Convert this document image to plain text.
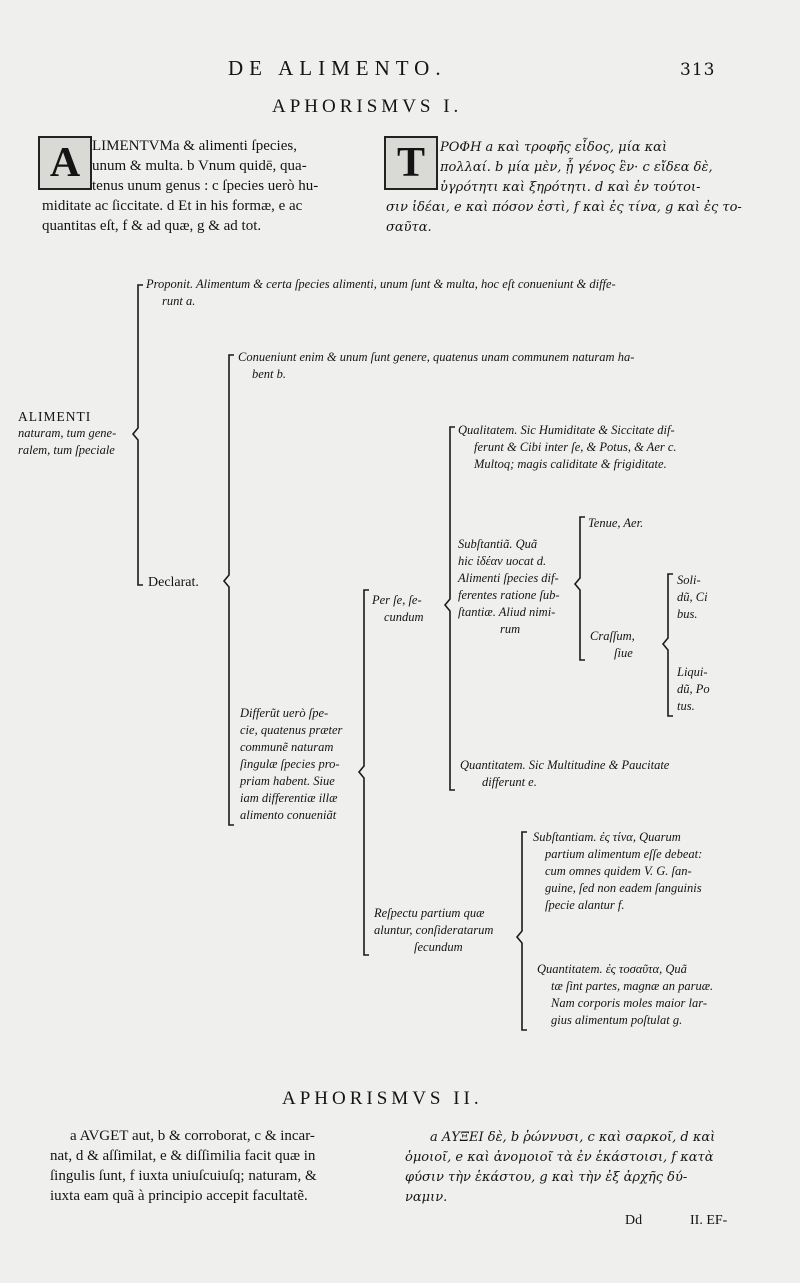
DE ALIMENTO.	313
APHORISMVS I.
A LIMENTVMa & alimenti ſpecies,
unum & multa. b Vnum quidē, qua-
tenus unum genus : c ſpecies uerò hu-
miditate ac ſiccitate. d Et in his formæ, e ac
quantitas eſt, f & ad quæ, g & ad tot.
T	ΡΟΦΗ a καὶ τροφῆς εἶδος, μία καὶ
πολλαί. b μία μὲν, ᾗ γένος ἓν· c εἴδεα δὲ,
ὑγρότητι καὶ ξηρότητι. d καὶ ἐν τούτοι-
σιν ἰδέαι, e καὶ πόσον ἐστὶ, f καὶ ἐς τίνα, g καὶ ἐς το-
σαῦτα.
ALIMENTI
naturam, tum gene-
ralem, tum ſpeciale
Proponit. Alimentum & certa ſpecies alimenti, unum ſunt & multa, hoc eſt conueniunt & diffe-
runt a.
Declarat.
Conueniunt enim & unum ſunt genere, quatenus unam communem naturam ha-
bent b.
Differũt uerò ſpe-
cie, quatenus præter
communẽ naturam
ſingulæ ſpecies pro-
priam habent. Siue
iam differentiæ illæ
alimento conueniãt
Per ſe, ſe-
cundum
Qualitatem. Sic Humiditate & Siccitate dif-
ferunt & Cibi inter ſe, & Potus, & Aer c.
Multoq; magis caliditate & frigiditate.
Subſtantiã. Quã
hic ἰδέαν uocat d.
Alimenti ſpecies dif-
ferentes ratione ſub-
ſtantiæ. Aliud nimi-
rum
Tenue, Aer.
Craſſum,
ſiue
Soli-
dũ, Ci
bus.
Liqui-
dũ, Po
tus.
Quantitatem. Sic Multitudine & Paucitate
differunt e.
Reſpectu partium quæ
aluntur, conſideratarum
ſecundum
Subſtantiam. ἐς τίνα, Quarum
partium alimentum eſſe debeat:
cum omnes quidem V. G. ſan-
guine, ſed non eadem ſanguinis
ſpecie alantur f.
Quantitatem. ἐς τοσαῦτα, Quã
tæ ſint partes, magnæ an paruæ.
Nam corporis moles maior lar-
gius alimentum poſtulat g.
APHORISMVS II.
a AVGET aut, b & corroborat, c & incar-
nat, d & aſſimilat, e & diſſimilia facit quæ in
ſingulis ſunt, f iuxta uniuſcuiuſq; naturam, &
iuxta eam quã à principio accepit facultatẽ.
a ΑΥΞΕΙ δὲ, b ῥώννυσι, c καὶ σαρκοῖ, d καὶ
ὁμοιοῖ, e καὶ ἀνομοιοῖ τὰ ἐν ἑκάστοισι, f κατὰ
φύσιν τὴν ἑκάστου, g καὶ τὴν ἐξ ἀρχῆς δύ-
ναμιν.
Dd	II. EF-
